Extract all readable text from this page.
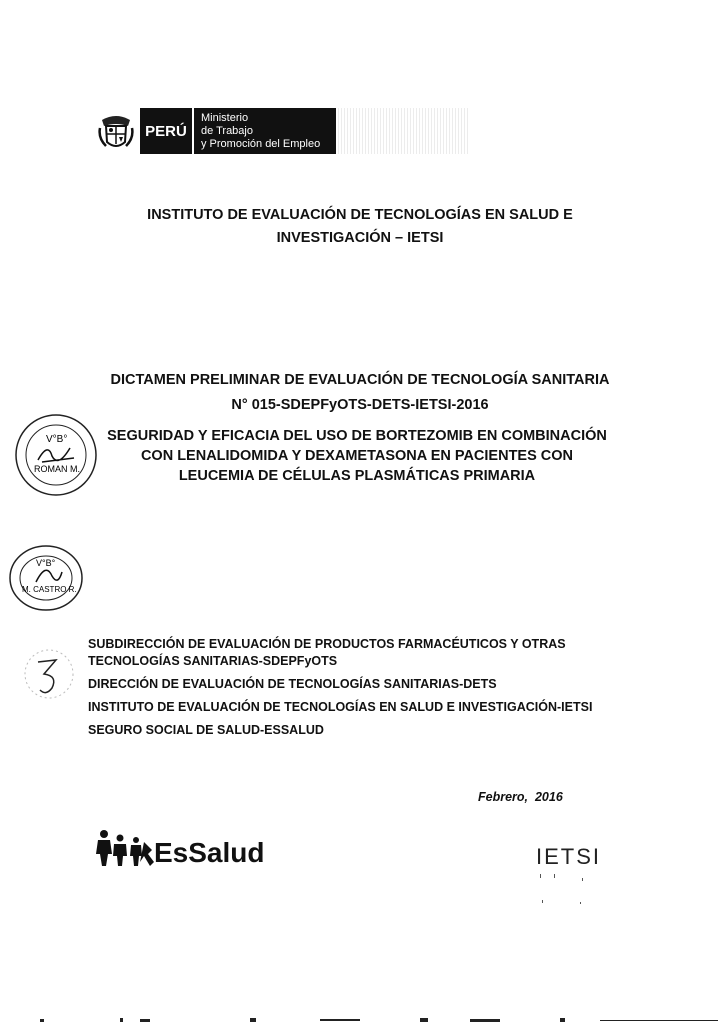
PERÚ
Ministerio
de Trabajo
y Promoción del Empleo
INSTITUTO DE EVALUACIÓN DE TECNOLOGÍAS EN SALUD E
INVESTIGACIÓN – IETSI
DICTAMEN PRELIMINAR DE EVALUACIÓN DE TECNOLOGÍA SANITARIA
N° 015-SDEPFyOTS-DETS-IETSI-2016
SEGURIDAD Y EFICACIA DEL USO DE BORTEZOMIB EN COMBINACIÓN
CON LENALIDOMIDA Y DEXAMETASONA EN PACIENTES CON
LEUCEMIA DE CÉLULAS PLASMÁTICAS PRIMARIA
V°B°
ROMAN M.
V°B°
M. CASTRO R.
SUBDIRECCIÓN DE EVALUACIÓN DE PRODUCTOS FARMACÉUTICOS Y OTRAS TECNOLOGÍAS SANITARIAS-SDEPFyOTS
DIRECCIÓN DE EVALUACIÓN DE TECNOLOGÍAS SANITARIAS-DETS
INSTITUTO DE EVALUACIÓN DE TECNOLOGÍAS EN SALUD E INVESTIGACIÓN-IETSI
SEGURO SOCIAL DE SALUD-ESSALUD
Febrero,  2016
EsSalud	IETSI
